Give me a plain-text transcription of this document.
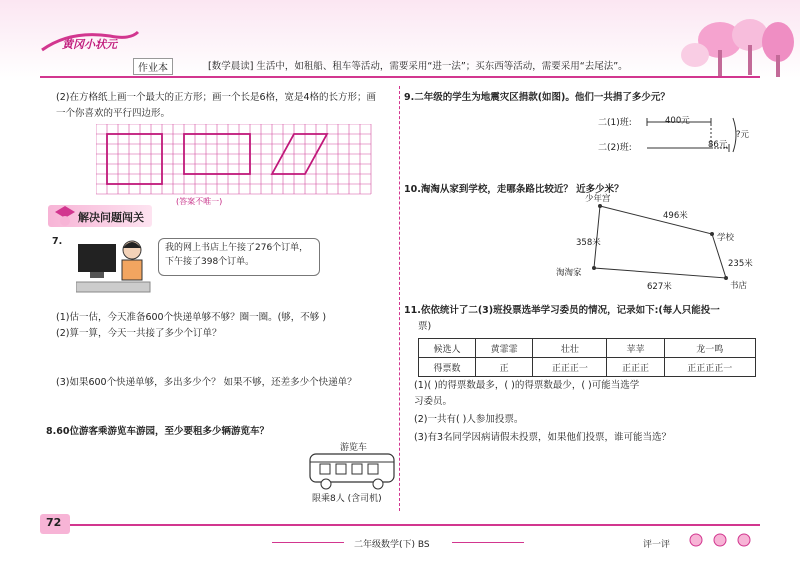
黄冈小状元
作业本	[数学晨读] 生活中，如租船、租车等活动，需要采用“进一法”；买东西等活动，需要采用“去尾法”。
(2)在方格纸上画一个最大的正方形；画一个长是6格，宽是4格的长方形；画
一个你喜欢的平行四边形。
(答案不唯一)
解决问题闯关
7.
我的网上书店上午接了276个订单，
下午接了398个订单。
(1)估一估，今天准备600个快递单够不够？圈一圈。(够，不够 )
(2)算一算，今天一共接了多少个订单？
(3)如果600个快递单够，多出多少个？ 如果不够，还差多少个快递单？
8.60位游客乘游览车游园，至少要租多少辆游览车？
游览车
限乘8人 (含司机)
9.二年级的学生为地震灾区捐款(如图)。他们一共捐了多少元？
二(1)班:
二(2)班:
400元
86元
?元
10.淘淘从家到学校，走哪条路比较近？ 近多少米？
少年宫
学校
淘淘家
书店
496米
358米
235米
627米
11.依依统计了二(3)班投票选举学习委员的情况，记录如下:(每人只能投一
票)
候选人	黄霏霏	壮壮	苹苹	龙一鸣
得票数	正	正正正一	正正正	正正正正一
(1)( )的得票数最多，( )的得票数最少，( )可能当选学
习委员。
(2)一共有( )人参加投票。
(3)有3名同学因病请假未投票，如果他们投票，谁可能当选？
72
二年级数学(下) BS	评一评
